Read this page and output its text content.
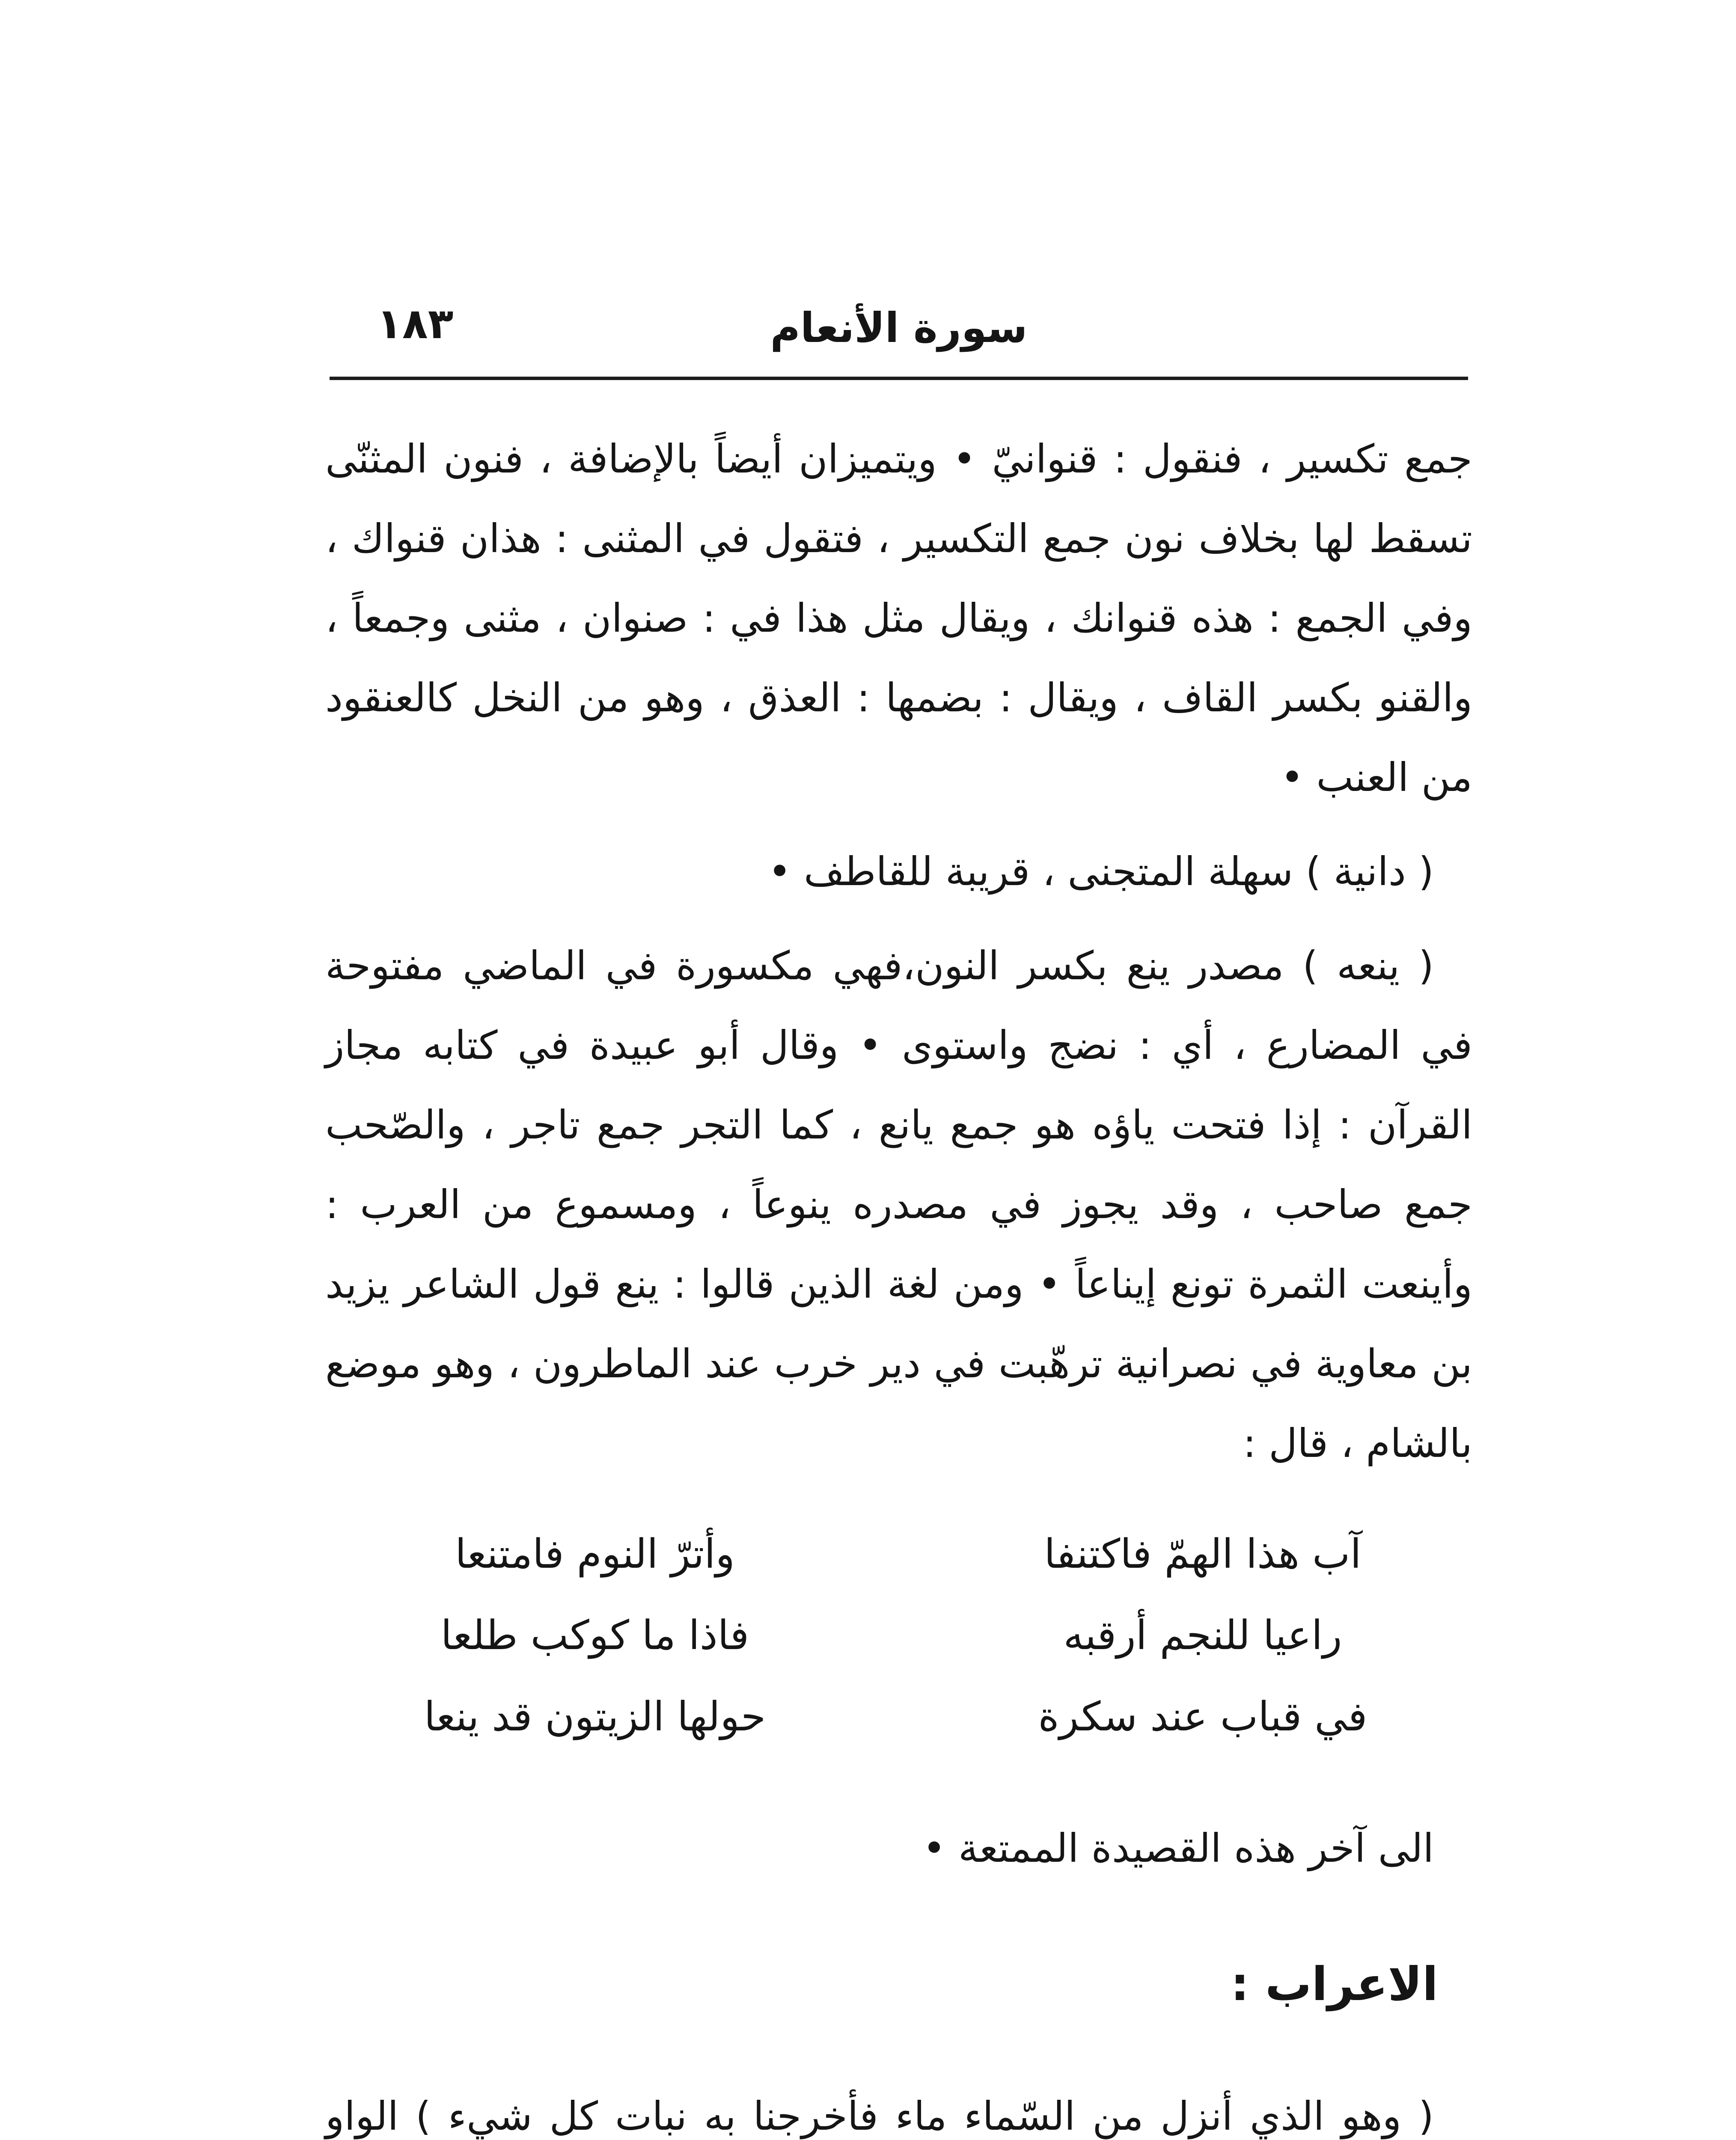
سورة الأنعام
١٨٣

جمع تكسير ، فنقول : قنوانيّ • ويتميزان أيضاً بالإضافة ، فنون المثنّى تسقط لها بخلاف نون جمع التكسير ، فتقول في المثنى : هذان قنواك ، وفي الجمع : هذه قنوانك ، ويقال مثل هذا في : صنوان ، مثنى وجمعاً ، والقنو بكسر القاف ، ويقال : بضمها : العذق ، وهو من النخل كالعنقود من العنب •

( دانية ) سهلة المتجنى ، قريبة للقاطف •

( ينعه ) مصدر ينع بكسر النون،فهي مكسورة في الماضي مفتوحة في المضارع ، أي : نضج واستوى • وقال أبو عبيدة في كتابه مجاز القرآن : إذا فتحت ياؤه هو جمع يانع ، كما التجر جمع تاجر ، والصّحب جمع صاحب ، وقد يجوز في مصدره ينوعاً ، ومسموع من العرب : وأينعت الثمرة تونع إيناعاً • ومن لغة الذين قالوا : ينع قول الشاعر يزيد بن معاوية في نصرانية ترهّبت في دير خرب عند الماطرون ، وهو موضع بالشام ، قال :

آب هذا الهمّ فاكتنفا
وأترّ النوم فامتنعا
راعيا للنجم أرقبه
فاذا ما كوكب طلعا
في قباب عند سكرة
حولها الزيتون قد ينعا

الى آخر هذه القصيدة الممتعة •

الاعراب :

( وهو الذي أنزل من السّماء ماء فأخرجنا به نبات كل شيء ) الواو
